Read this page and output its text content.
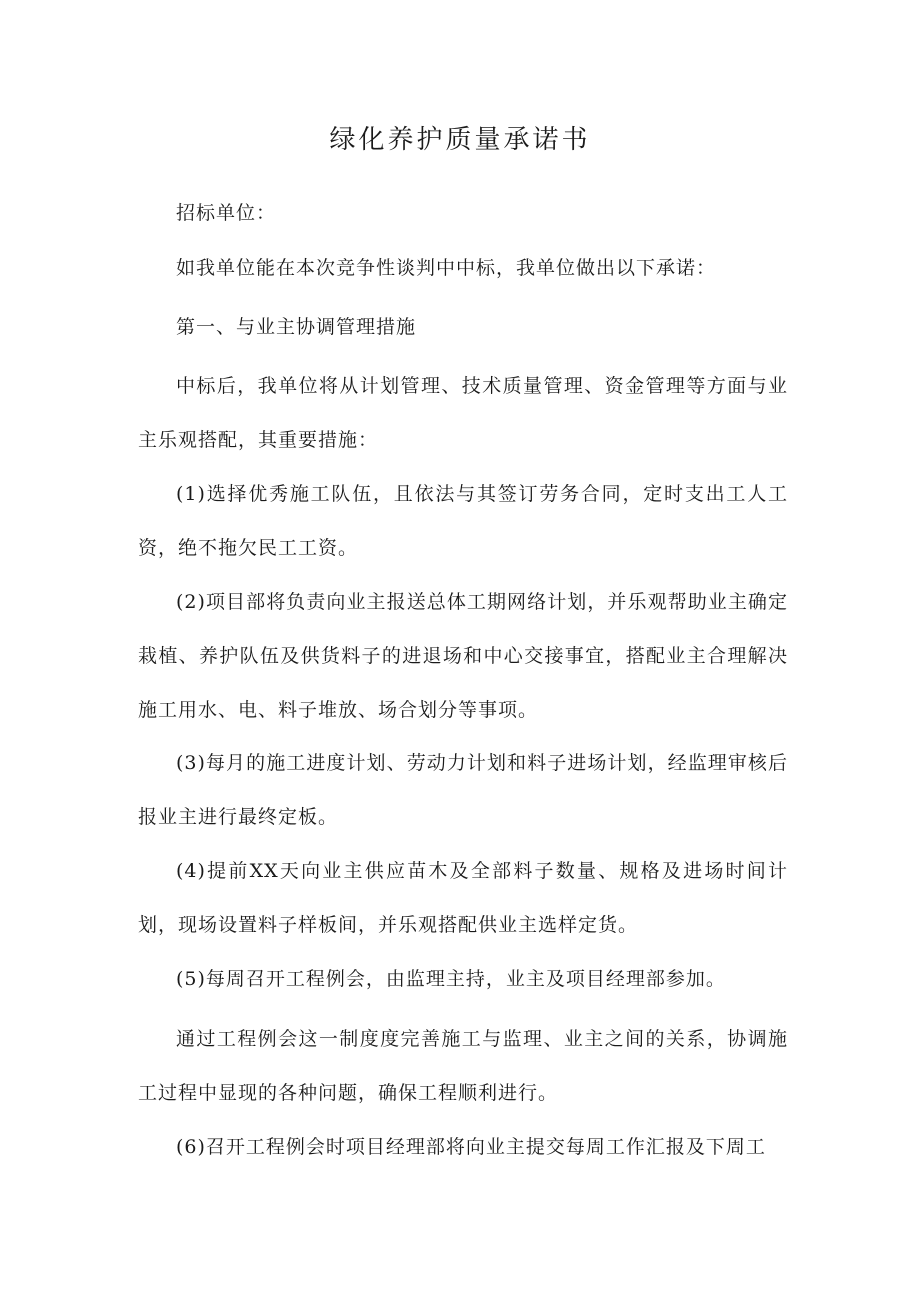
绿化养护质量承诺书
招标单位：
如我单位能在本次竞争性谈判中中标，我单位做出以下承诺：
第一、与业主协调管理措施
中标后，我单位将从计划管理、技术质量管理、资金管理等方面与业主乐观搭配，其重要措施：
(1)选择优秀施工队伍，且依法与其签订劳务合同，定时支出工人工资，绝不拖欠民工工资。
(2)项目部将负责向业主报送总体工期网络计划，并乐观帮助业主确定栽植、养护队伍及供货料子的进退场和中心交接事宜，搭配业主合理解决施工用水、电、料子堆放、场合划分等事项。
(3)每月的施工进度计划、劳动力计划和料子进场计划，经监理审核后报业主进行最终定板。
(4)提前XX天向业主供应苗木及全部料子数量、规格及进场时间计划，现场设置料子样板间，并乐观搭配供业主选样定货。
(5)每周召开工程例会，由监理主持，业主及项目经理部参加。
通过工程例会这一制度度完善施工与监理、业主之间的关系，协调施工过程中显现的各种问题，确保工程顺利进行。
(6)召开工程例会时项目经理部将向业主提交每周工作汇报及下周工
